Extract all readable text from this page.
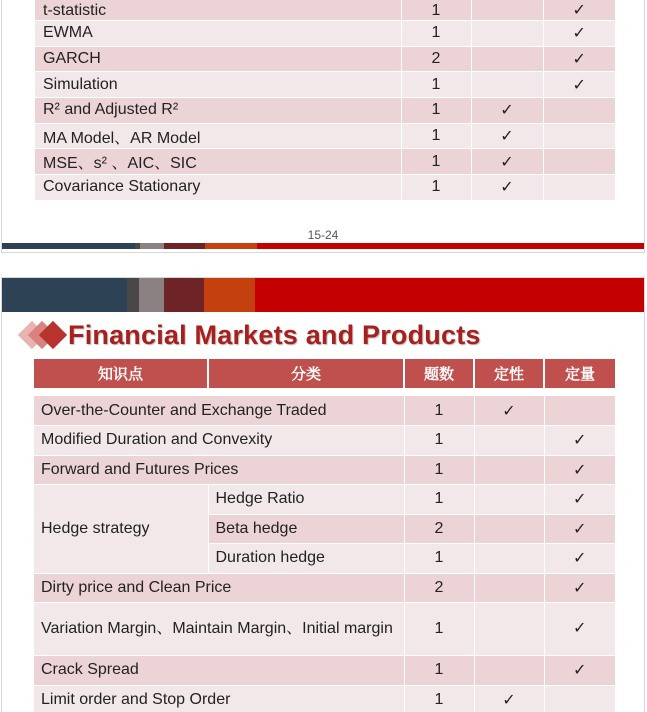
t-statistic	1		✓
EWMA	1		✓
GARCH	2		✓
Simulation	1		✓
R² and Adjusted R²	1	✓	
MA Model、AR Model	1	✓	
MSE、s² 、AIC、SIC	1	✓	
Covariance Stationary	1	✓	
15-24
Financial Markets and Products
知识点	分类	题数	定性	定量

Over-the-Counter and Exchange Traded		1	✓	
Modified Duration and Convexity		1		✓
Forward and Futures Prices		1		✓
Hedge strategy	Hedge Ratio	1		✓
	Beta hedge	2		✓
	Duration hedge	1		✓
Dirty price and Clean Price		2		✓
Variation Margin、Maintain Margin、Initial margin		1		✓
Crack Spread		1		✓
Limit order and Stop Order		1	✓	
